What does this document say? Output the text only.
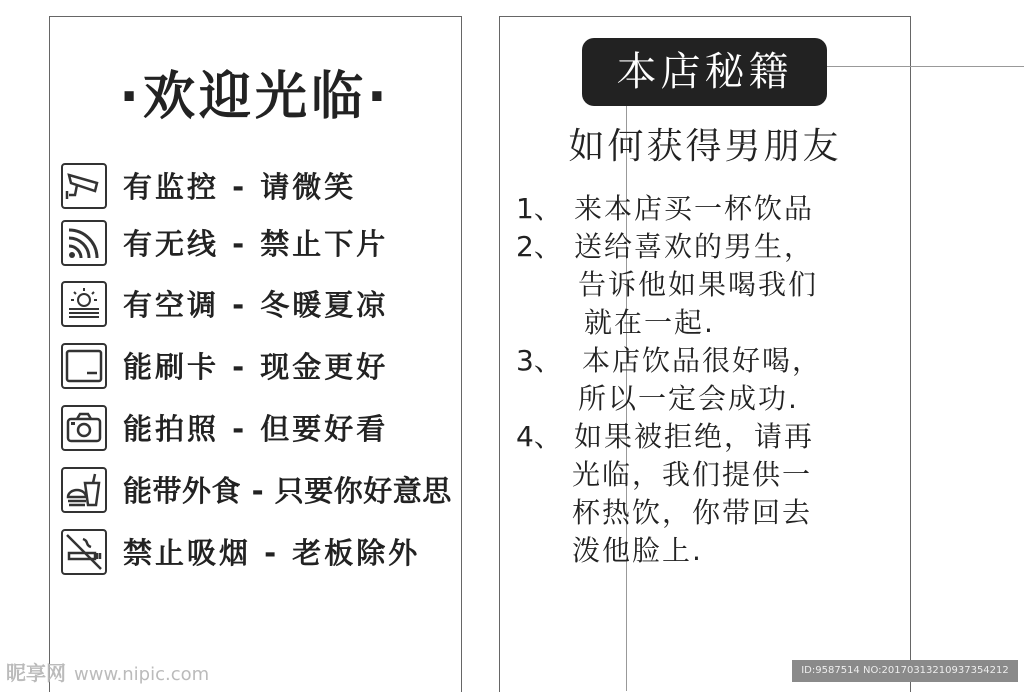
·欢迎光临·
有监控 - 请微笑
有无线 - 禁止下片
有空调 - 冬暖夏凉
能刷卡 - 现金更好
能拍照 - 但要好看
能带外食 - 只要你好意思
禁止吸烟 - 老板除外
本店秘籍
如何获得男朋友
1、 来本店买一杯饮品
2、 送给喜欢的男生，
告诉他如果喝我们
就在一起.
3、 本店饮品很好喝，
所以一定会成功.
4、 如果被拒绝，请再
光临，我们提供一
杯热饮，你带回去
泼他脸上.
昵享网 www.nipic.com	ID:9587514 NO:20170313210937354212
